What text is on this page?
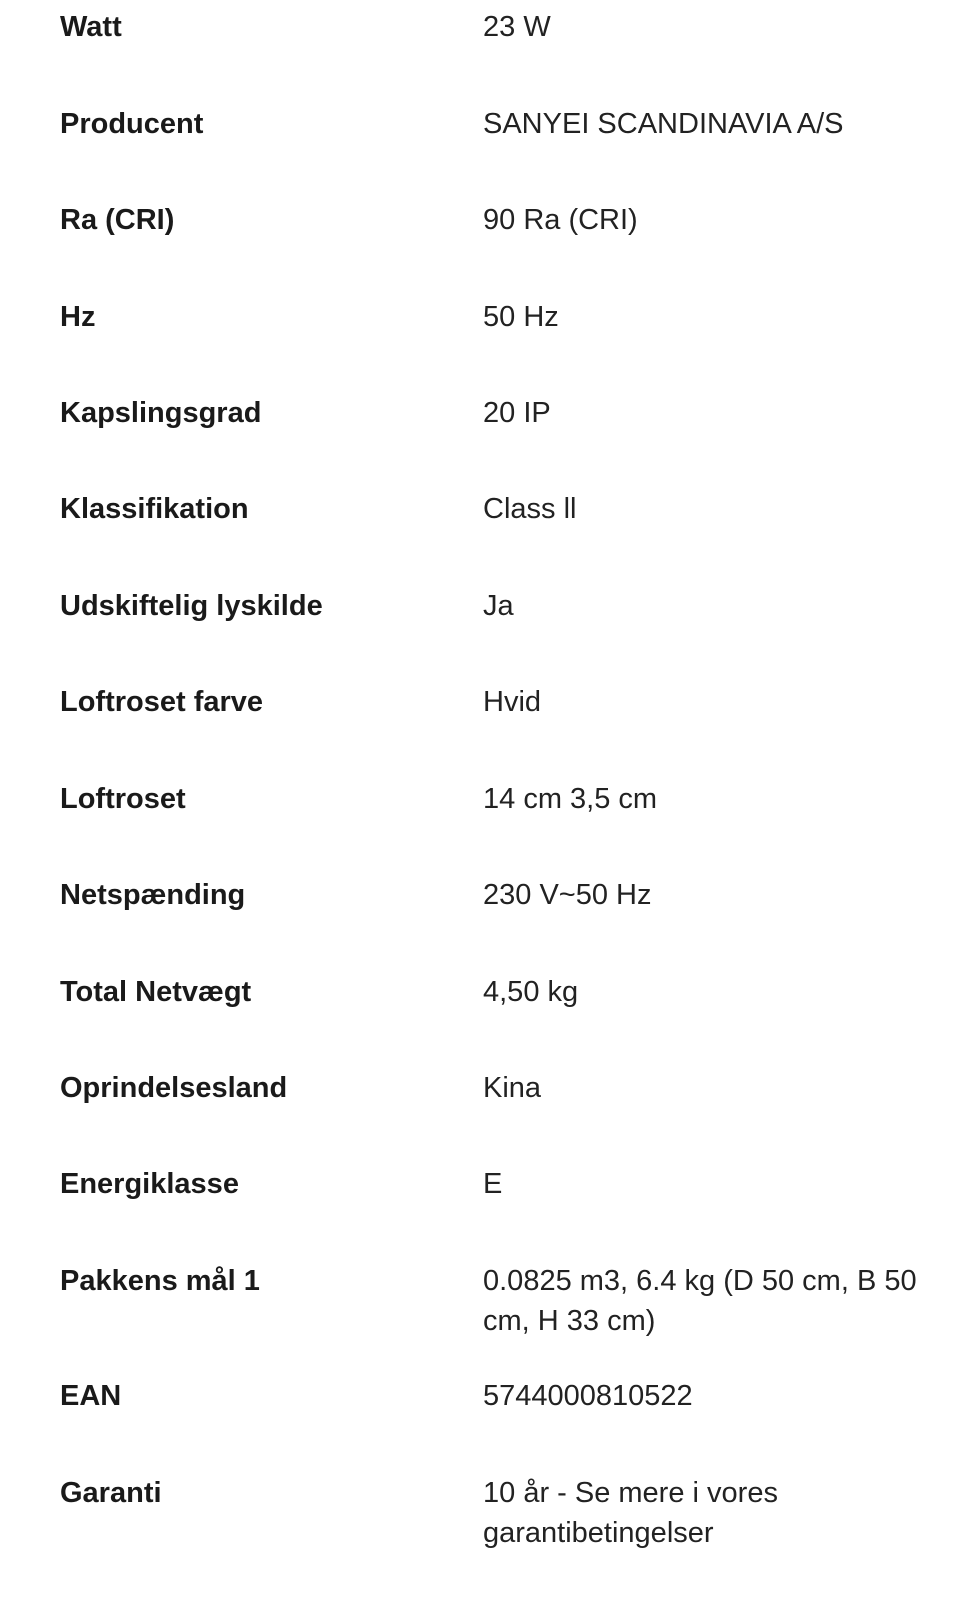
Watt	23 W
Producent	SANYEI SCANDINAVIA A/S
Ra (CRI)	90 Ra (CRI)
Hz	50 Hz
Kapslingsgrad	20 IP
Klassifikation	Class ll
Udskiftelig lyskilde	Ja
Loftroset farve	Hvid
Loftroset	14 cm 3,5 cm
Netspænding	230 V~50 Hz
Total Netvægt	4,50 kg
Oprindelsesland	Kina
Energiklasse	E
Pakkens mål 1	0.0825 m3, 6.4 kg (D 50 cm, B 50 cm, H 33 cm)
EAN	5744000810522
Garanti	10 år - Se mere i vores garantibetingelser
